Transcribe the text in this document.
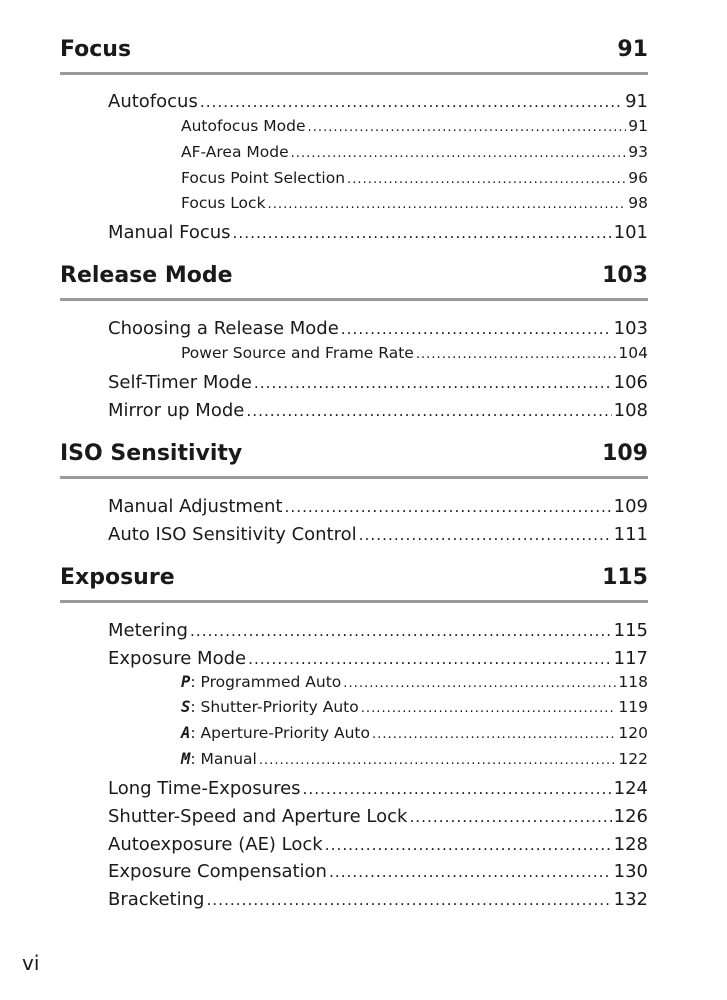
Focus	91
Autofocus .....	91
Autofocus Mode .....	91
AF-Area Mode .....	93
Focus Point Selection .....	96
Focus Lock .....	98
Manual Focus .....	101
Release Mode	103
Choosing a Release Mode .....	103
Power Source and Frame Rate .....	104
Self-Timer Mode .....	106
Mirror up Mode .....	108
ISO Sensitivity	109
Manual Adjustment .....	109
Auto ISO Sensitivity Control .....	111
Exposure	115
Metering .....	115
Exposure Mode .....	117
P: Programmed Auto .....	118
S: Shutter-Priority Auto .....	119
A: Aperture-Priority Auto .....	120
M: Manual .....	122
Long Time-Exposures .....	124
Shutter-Speed and Aperture Lock .....	126
Autoexposure (AE) Lock .....	128
Exposure Compensation .....	130
Bracketing .....	132
vi
